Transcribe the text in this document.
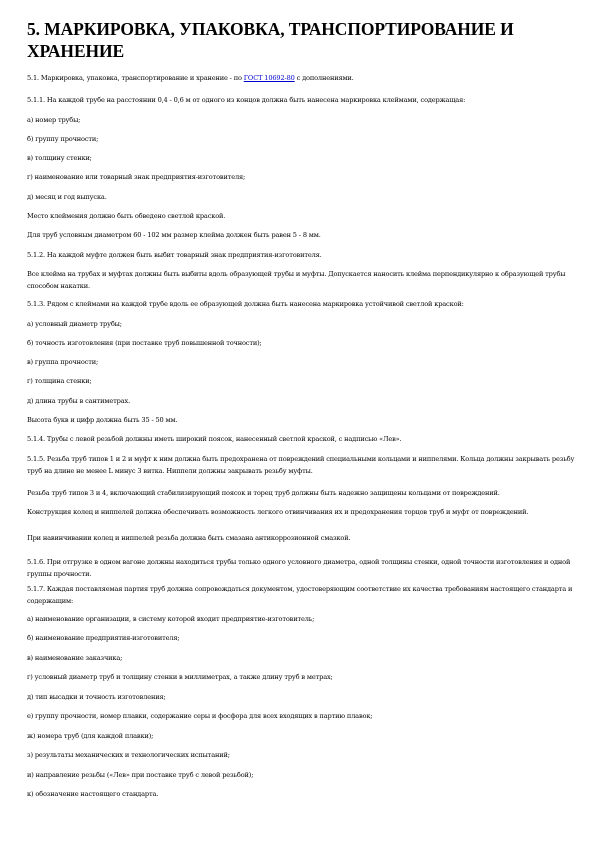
5. МАРКИРОВКА, УПАКОВКА, ТРАНСПОРТИРОВАНИЕ И ХРАНЕНИЕ

5.1. Маркировка, упаковка, транспортирование и хранение - по ГОСТ 10692-80 с дополнениями.

5.1.1. На каждой трубе на расстоянии 0,4 - 0,6 м от одного из концов должна быть нанесена маркировка клеймами, содержащая:

а) номер трубы;

б) группу прочности;

в) толщину стенки;

г) наименование или товарный знак предприятия-изготовителя;

д) месяц и год выпуска.

Место клеймения должно быть обведено светлой краской.

Для труб условным диаметром 60 - 102 мм размер клейма должен быть равен 5 - 8 мм.

5.1.2. На каждой муфте должен быть выбит товарный знак предприятия-изготовителя.

Все клейма на трубах и муфтах должны быть выбиты вдоль образующей трубы и муфты. Допускается наносить клейма перпендикулярно к образующей трубы способом накатки.

5.1.3. Рядом с клеймами на каждой трубе вдоль ее образующей должна быть нанесена маркировка устойчивой светлой краской:

а) условный диаметр трубы;

б) точность изготовления (при поставке труб повышенной точности);

в) группа прочности;

г) толщина стенки;

д) длина трубы в сантиметрах.

Высота букв и цифр должна быть 35 - 50 мм.

5.1.4. Трубы с левой резьбой должны иметь широкий поясок, нанесенный светлой краской, с надписью «Лев».

5.1.5. Резьба труб типов 1 и 2 и муфт к ним должна быть предохранена от повреждений специальными кольцами и ниппелями. Кольца должны закрывать резьбу труб на длине не менее L минус 3 витка. Ниппели должны закрывать резьбу муфты.

Резьба труб типов 3 и 4, включающий стабилизирующий поясок и торец труб должны быть надежно защищены кольцами от повреждений.

Конструкция колец и ниппелей должна обеспечивать возможность легкого отвинчивания их и предохранения торцов труб и муфт от повреждений.

При навинчивании колец и ниппелей резьба должна быть смазана антикоррозионной смазкой.

5.1.6. При отгрузке в одном вагоне должны находиться трубы только одного условного диаметра, одной толщины стенки, одной точности изготовления и одной группы прочности.

5.1.7. Каждая поставляемая партия труб должна сопровождаться документом, удостоверяющим соответствие их качества требованиям настоящего стандарта и содержащим:

а) наименование организации, в систему которой входит предприятие-изготовитель;

б) наименование предприятия-изготовителя;

в) наименование заказчика;

г) условный диаметр труб и толщину стенки в миллиметрах, а также длину труб в метрах;

д) тип высадки и точность изготовления;

е) группу прочности, номер плавки, содержание серы и фосфора для всех входящих в партию плавок;

ж) номера труб (для каждой плавки);

з) результаты механических и технологических испытаний;

и) направление резьбы («Лев» при поставке труб с левой резьбой);

к) обозначение настоящего стандарта.
